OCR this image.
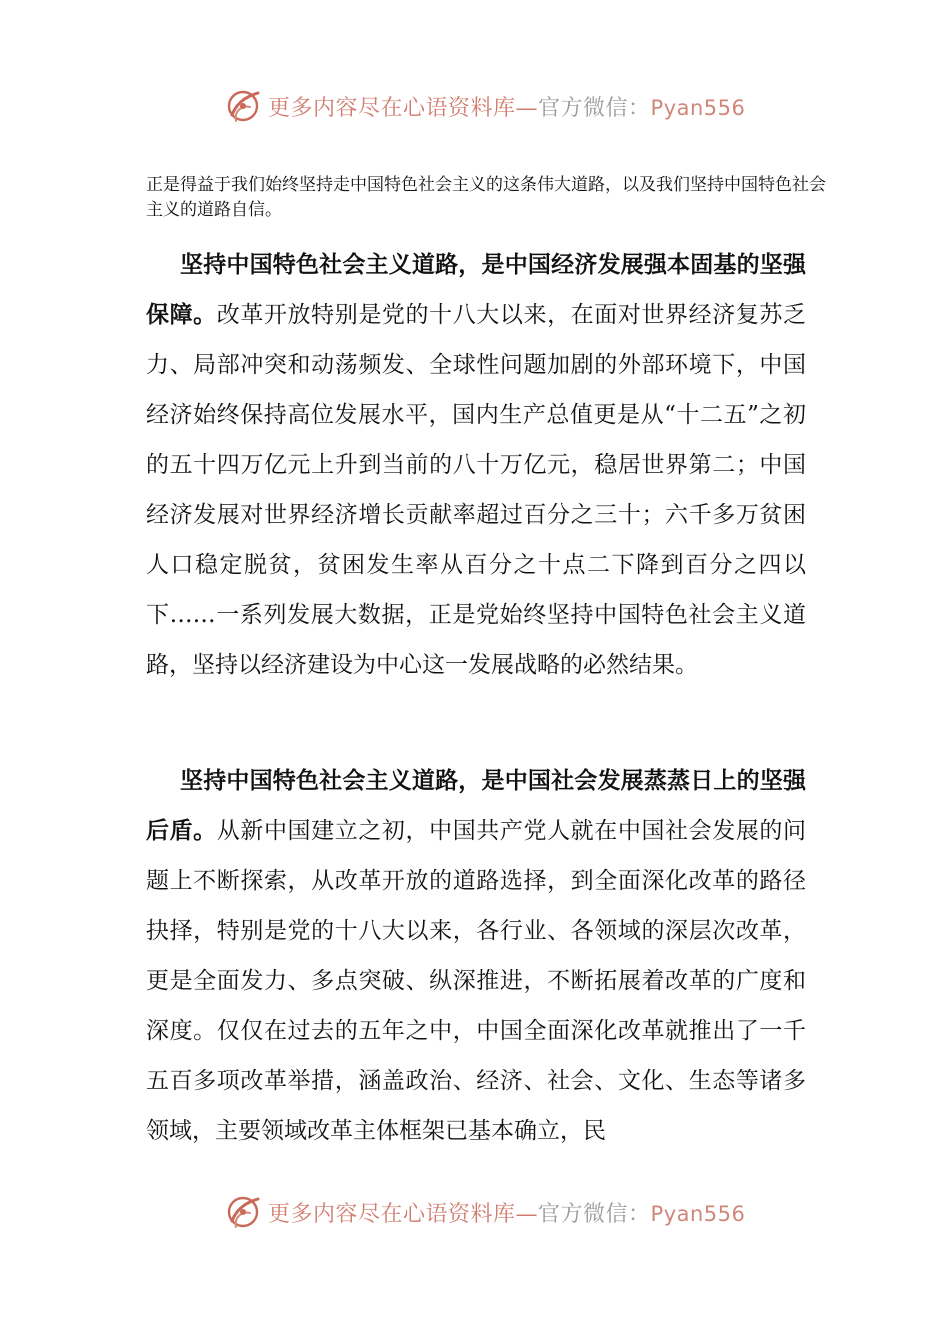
更多内容尽在心语资料库—官方微信：Pyan556

正是得益于我们始终坚持走中国特色社会主义的这条伟大道路，以及我们坚持中国特色社会主义的道路自信。

坚持中国特色社会主义道路，是中国经济发展强本固基的坚强保障。改革开放特别是党的十八大以来，在面对世界经济复苏乏力、局部冲突和动荡频发、全球性问题加剧的外部环境下，中国经济始终保持高位发展水平，国内生产总值更是从“十二五”之初的五十四万亿元上升到当前的八十万亿元，稳居世界第二；中国经济发展对世界经济增长贡献率超过百分之三十；六千多万贫困人口稳定脱贫，贫困发生率从百分之十点二下降到百分之四以下……一系列发展大数据，正是党始终坚持中国特色社会主义道路，坚持以经济建设为中心这一发展战略的必然结果。

坚持中国特色社会主义道路，是中国社会发展蒸蒸日上的坚强后盾。从新中国建立之初，中国共产党人就在中国社会发展的问题上不断探索，从改革开放的道路选择，到全面深化改革的路径抉择，特别是党的十八大以来，各行业、各领域的深层次改革，更是全面发力、多点突破、纵深推进，不断拓展着改革的广度和深度。仅仅在过去的五年之中，中国全面深化改革就推出了一千五百多项改革举措，涵盖政治、经济、社会、文化、生态等诸多领域，主要领域改革主体框架已基本确立，民

更多内容尽在心语资料库—官方微信：Pyan556
